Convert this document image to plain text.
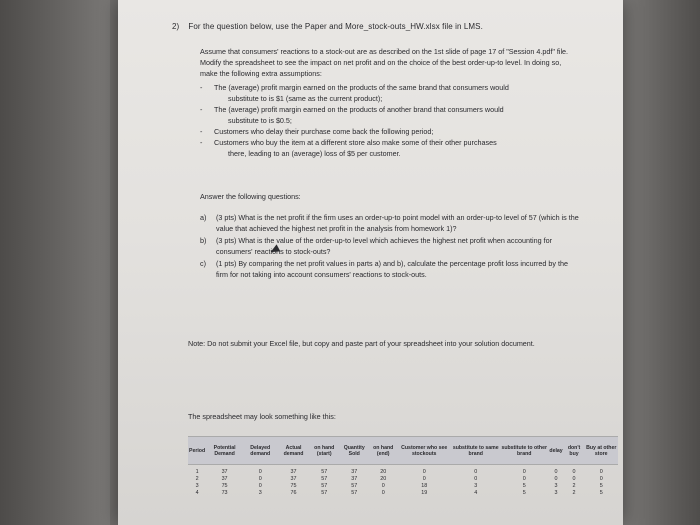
2) For the question below, use the Paper and More_stock-outs_HW.xlsx file in LMS.
Assume that consumers' reactions to a stock-out are as described on the 1st slide of page 17 of "Session 4.pdf" file. Modify the spreadsheet to see the impact on net profit and on the choice of the best order-up-to level. In doing so, make the following extra assumptions:
- The (average) profit margin earned on the products of the same brand that consumers would
substitute to is $1 (same as the current product);
- The (average) profit margin earned on the products of another brand that consumers would
substitute to is $0.5;
- Customers who delay their purchase come back the following period;
- Customers who buy the item at a different store also make some of their other purchases
there, leading to an (average) loss of $5 per customer.
Answer the following questions:
a) (3 pts) What is the net profit if the firm uses an order-up-to point model with an order-up-to level of 57 (which is the value that achieved the highest net profit in the analysis from homework 1)?
b) (3 pts) What is the value of the order-up-to level which achieves the highest net profit when accounting for consumers' reactions to stock-outs?
c) (1 pts) By comparing the net profit values in parts a) and b), calculate the percentage profit loss incurred by the firm for not taking into account consumers' reactions to stock-outs.
Note: Do not submit your Excel file, but copy and paste part of your spreadsheet into your solution document.
The spreadsheet may look something like this:
Period	Potential Demand	Delayed demand	Actual demand	on hand (start)	Quantity Sold	on hand (end)	Customer who see stockouts	substitute to same brand	substitute to other brand	delay	don't buy	Buy at other store
1	37	0	37	57	37	20	0	0	0	0	0	0
2	37	0	37	57	37	20	0	0	0	0	0	0
3	75	0	75	57	57	0	18	3	5	3	2	5
4	73	3	76	57	57	0	19	4	5	3	2	5
